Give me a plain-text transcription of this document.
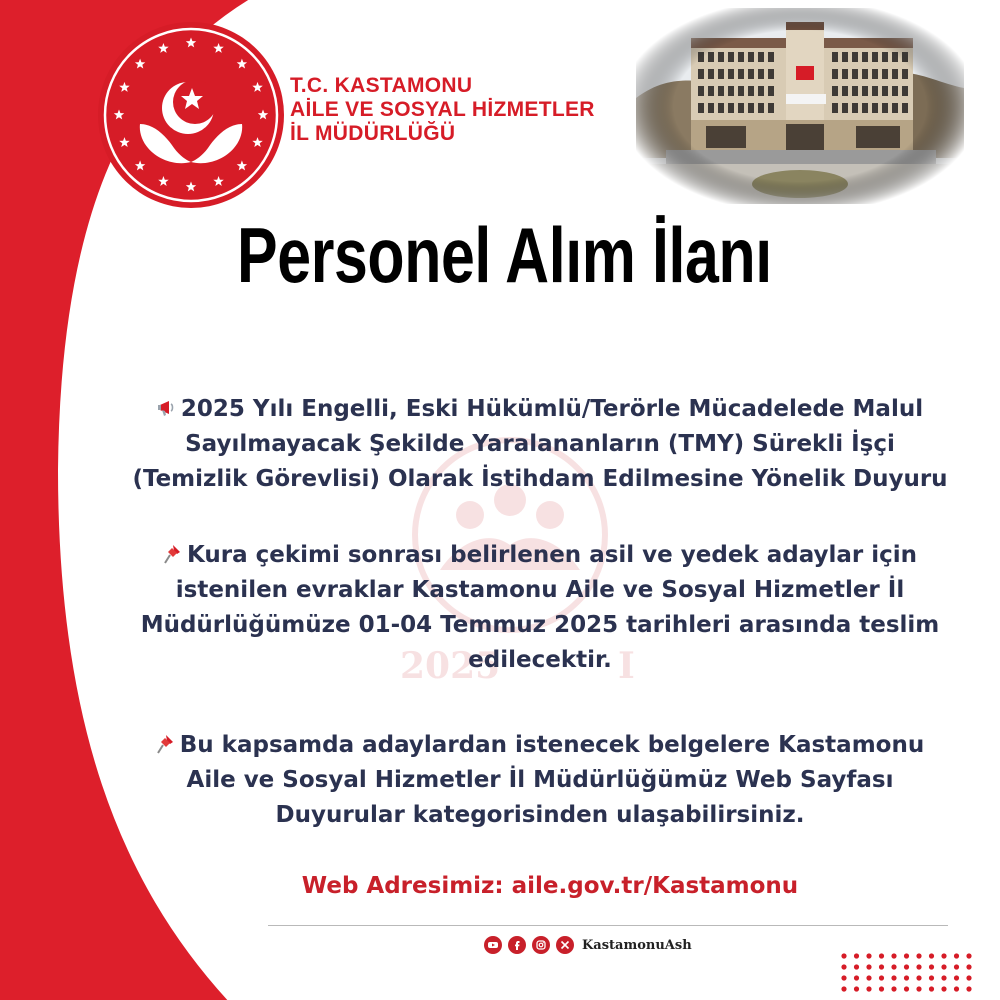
T.C. KASTAMONU
AİLE VE SOSYAL HİZMETLER
İL MÜDÜRLÜĞÜ
Personel Alım İlanı
2025	I

2025 Yılı Engelli, Eski Hükümlü/Terörle Mücadelede Malul
Sayılmayacak Şekilde Yaralananların (TMY) Sürekli İşçi
(Temizlik Görevlisi) Olarak İstihdam Edilmesine Yönelik Duyuru

Kura çekimi sonrası belirlenen asil ve yedek adaylar için
istenilen evraklar Kastamonu Aile ve Sosyal Hizmetler İl
Müdürlüğümüze 01-04 Temmuz 2025 tarihleri arasında teslim
edilecektir.

Bu kapsamda adaylardan istenecek belgelere Kastamonu
Aile ve Sosyal Hizmetler İl Müdürlüğümüz Web Sayfası
Duyurular kategorisinden ulaşabilirsiniz.

Web Adresimiz: aile.gov.tr/Kastamonu

KastamonuAsh
